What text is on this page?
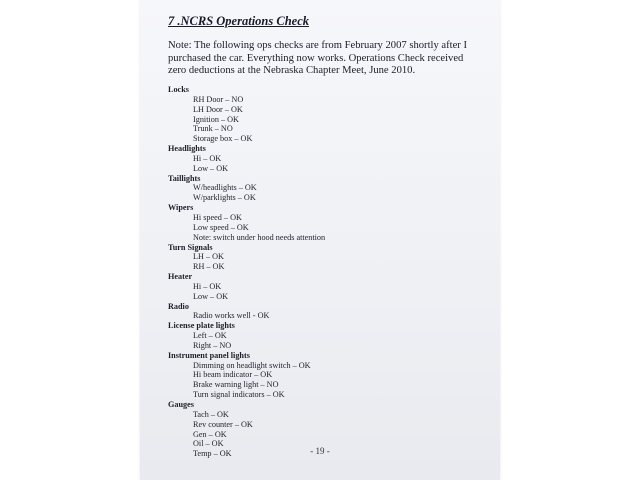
7 .NCRS Operations Check
Note: The following ops checks are from February 2007 shortly after I purchased the car. Everything now works. Operations Check received zero deductions at the Nebraska Chapter Meet, June 2010.
Locks
RH Door – NO
LH Door – OK
Ignition – OK
Trunk – NO
Storage box – OK
Headlights
Hi – OK
Low – OK
Taillights
W/headlights – OK
W/parklights – OK
Wipers
Hi speed – OK
Low speed – OK
Note: switch under hood needs attention
Turn Signals
LH – OK
RH – OK
Heater
Hi – OK
Low – OK
Radio
Radio works well - OK
License plate lights
Left – OK
Right – NO
Instrument panel lights
Dimming on headlight switch – OK
Hi beam indicator – OK
Brake warning light – NO
Turn signal indicators – OK
Gauges
Tach – OK
Rev counter – OK
Gen – OK
Oil – OK
Temp – OK	- 19 -
